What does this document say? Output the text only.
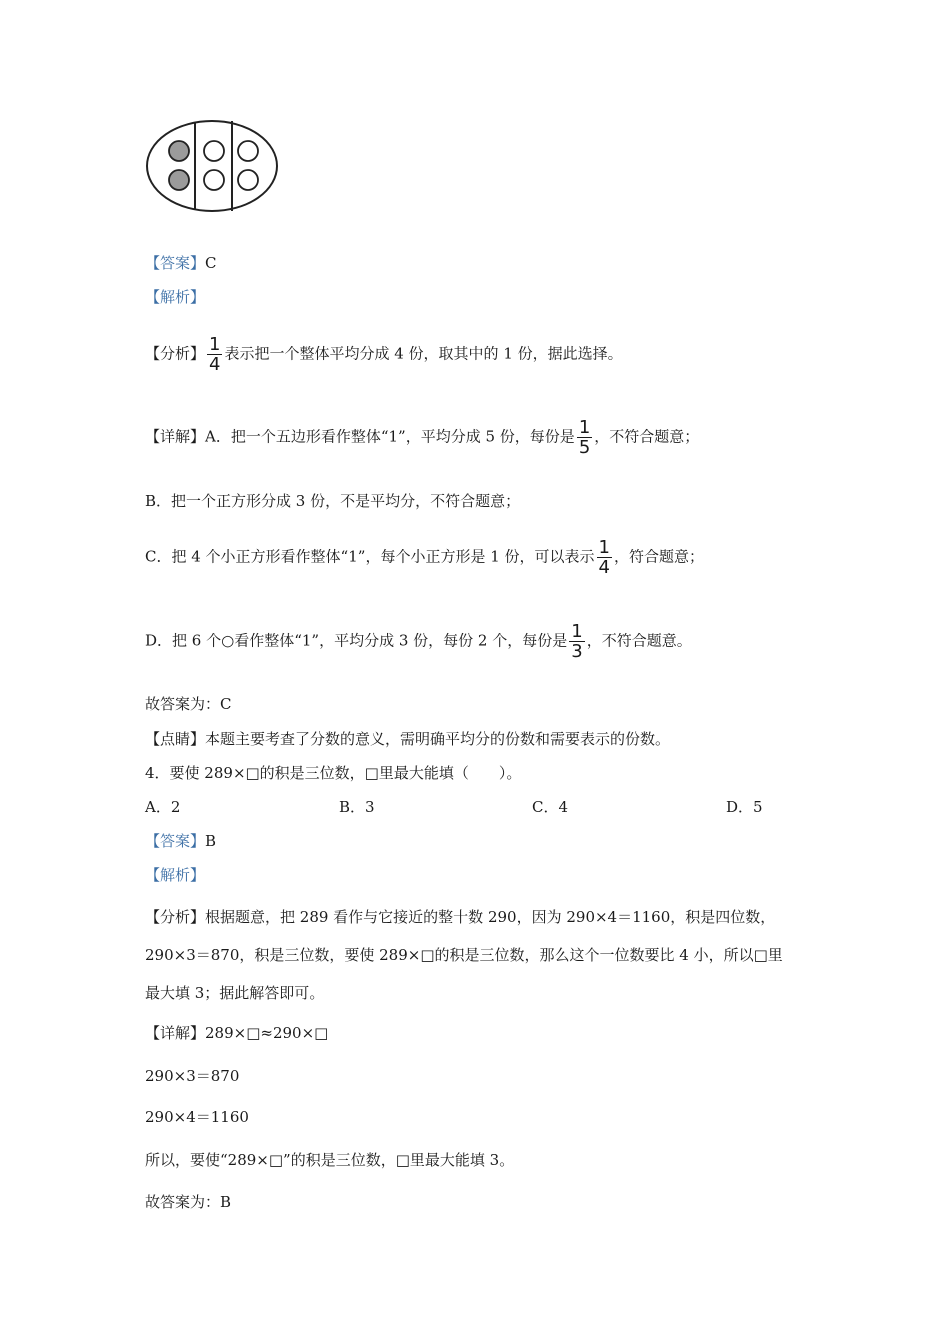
【答案】C
【解析】
【分析】 $\frac{1}{4}$ 表示把一个整体平均分成 4 份，取其中的 1 份，据此选择。
【详解】A．把一个五边形看作整体“1”，平均分成 5 份，每份是 $\frac{1}{5}$ ，不符合题意；
B．把一个正方形分成 3 份，不是平均分，不符合题意；
C．把 4 个小正方形看作整体“1”，每个小正方形是 1 份，可以表示 $\frac{1}{4}$ ，符合题意；
D．把 6 个○看作整体“1”，平均分成 3 份，每份 2 个，每份是 $\frac{1}{3}$ ，不符合题意。
故答案为：C
【点睛】本题主要考查了分数的意义，需明确平均分的份数和需要表示的份数。
4．要使 289×□的积是三位数，□里最大能填（　　）。
A．2	B．3	C．4	D．5
【答案】B
【解析】
【分析】根据题意，把 289 看作与它接近的整十数 290，因为 290×4＝1160，积是四位数，
290×3＝870，积是三位数，要使 289×□的积是三位数，那么这个一位数要比 4 小，所以□里
最大填 3；据此解答即可。
【详解】289×□≈290×□
290×3＝870
290×4＝1160
所以，要使“289×□”的积是三位数，□里最大能填 3。
故答案为：B
